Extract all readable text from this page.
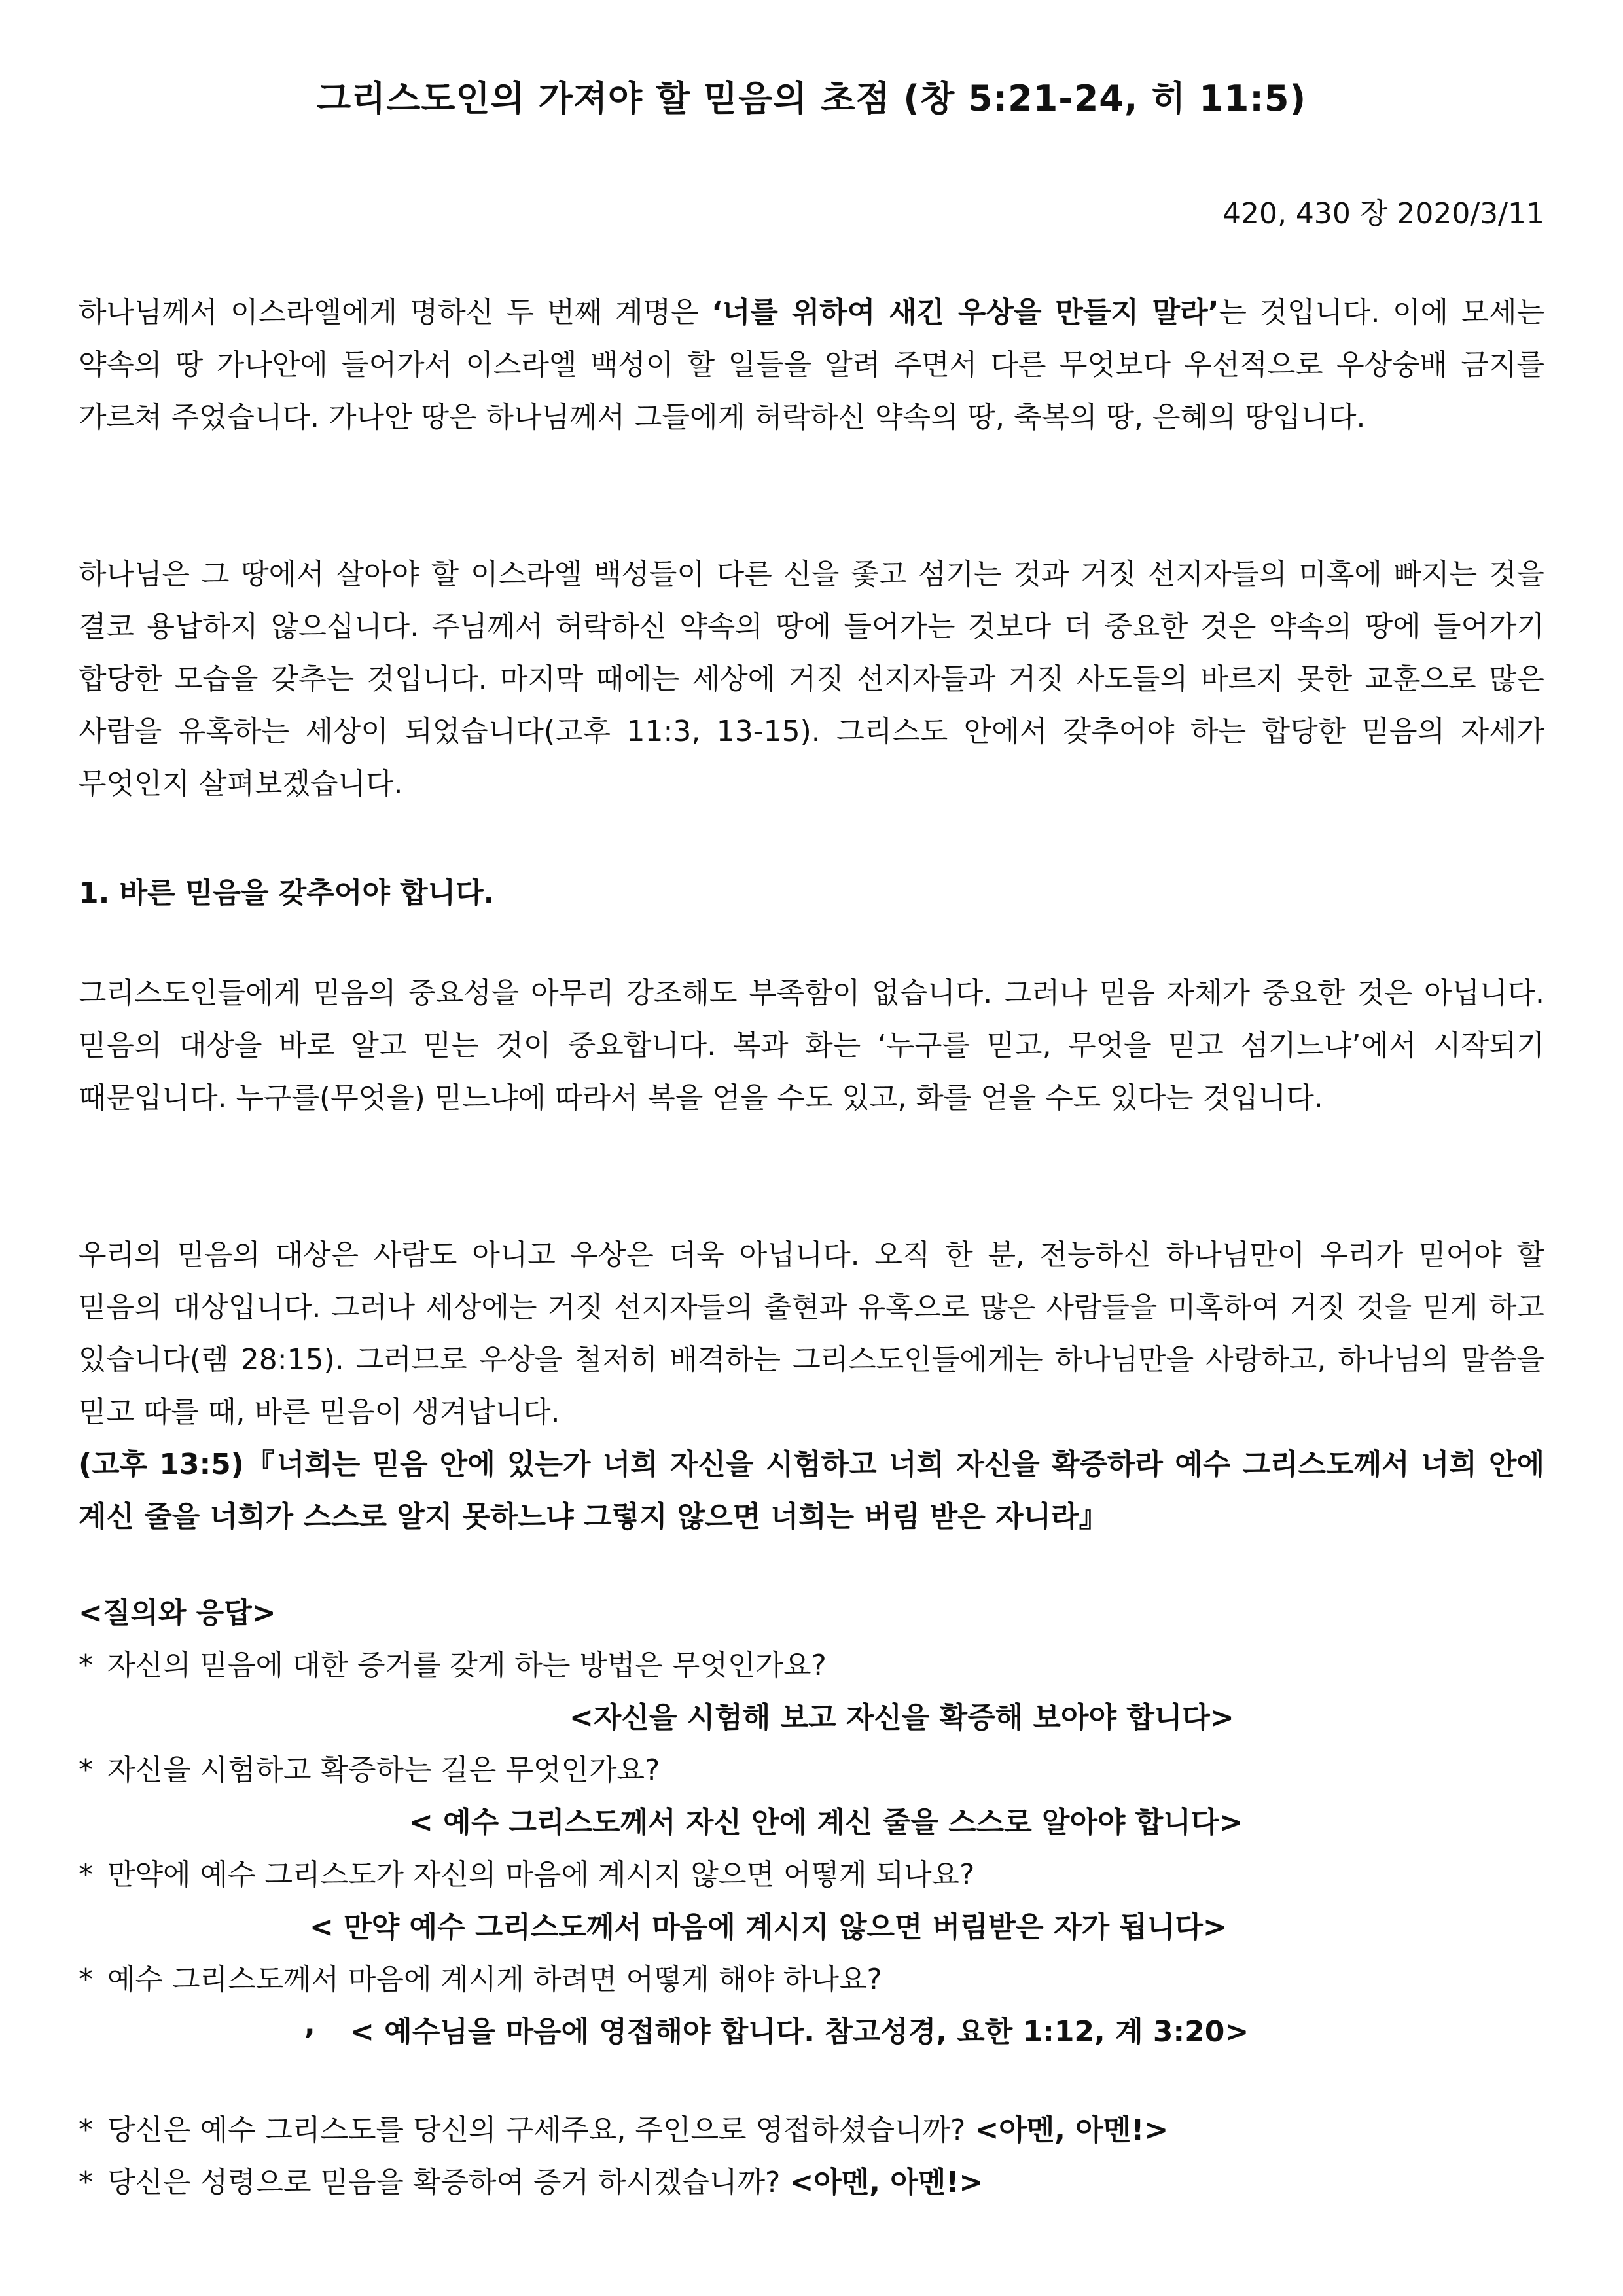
그리스도인의 가져야 할 믿음의 초점 (창 5:21-24, 히 11:5)
420, 430 장 2020/3/11
하나님께서 이스라엘에게 명하신 두 번째 계명은 ‘너를 위하여 새긴 우상을 만들지 말라’는 것입니다. 이에 모세는 약속의 땅 가나안에 들어가서 이스라엘 백성이 할 일들을 알려 주면서 다른 무엇보다 우선적으로 우상숭배 금지를 가르쳐 주었습니다. 가나안 땅은 하나님께서 그들에게 허락하신 약속의 땅, 축복의 땅, 은혜의 땅입니다.
하나님은 그 땅에서 살아야 할 이스라엘 백성들이 다른 신을 좇고 섬기는 것과 거짓 선지자들의 미혹에 빠지는 것을 결코 용납하지 않으십니다. 주님께서 허락하신 약속의 땅에 들어가는 것보다 더 중요한 것은 약속의 땅에 들어가기 합당한 모습을 갖추는 것입니다. 마지막 때에는 세상에 거짓 선지자들과 거짓 사도들의 바르지 못한 교훈으로 많은 사람을 유혹하는 세상이 되었습니다(고후 11:3, 13-15). 그리스도 안에서 갖추어야 하는 합당한 믿음의 자세가 무엇인지 살펴보겠습니다.
1. 바른 믿음을 갖추어야 합니다.
그리스도인들에게 믿음의 중요성을 아무리 강조해도 부족함이 없습니다. 그러나 믿음 자체가 중요한 것은 아닙니다. 믿음의 대상을 바로 알고 믿는 것이 중요합니다. 복과 화는 ‘누구를 믿고, 무엇을 믿고 섬기느냐’에서 시작되기 때문입니다. 누구를(무엇을) 믿느냐에 따라서 복을 얻을 수도 있고, 화를 얻을 수도 있다는 것입니다.
우리의 믿음의 대상은 사람도 아니고 우상은 더욱 아닙니다. 오직 한 분, 전능하신 하나님만이 우리가 믿어야 할 믿음의 대상입니다. 그러나 세상에는 거짓 선지자들의 출현과 유혹으로 많은 사람들을 미혹하여 거짓 것을 믿게 하고 있습니다(렘 28:15). 그러므로 우상을 철저히 배격하는 그리스도인들에게는 하나님만을 사랑하고, 하나님의 말씀을 믿고 따를 때, 바른 믿음이 생겨납니다.
(고후 13:5)『너희는 믿음 안에 있는가 너희 자신을 시험하고 너희 자신을 확증하라 예수 그리스도께서 너희 안에 계신 줄을 너희가 스스로 알지 못하느냐 그렇지 않으면 너희는 버림 받은 자니라』
<질의와 응답>
* 자신의 믿음에 대한 증거를 갖게 하는 방법은 무엇인가요?
<자신을 시험해 보고 자신을 확증해 보아야 합니다>
* 자신을 시험하고 확증하는 길은 무엇인가요?
< 예수 그리스도께서 자신 안에 계신 줄을 스스로 알아야 합니다>
* 만약에 예수 그리스도가 자신의 마음에 계시지 않으면 어떻게 되나요?
< 만약 예수 그리스도께서 마음에 계시지 않으면 버림받은 자가 됩니다>
* 예수 그리스도께서 마음에 계시게 하려면 어떻게 해야 하나요?
, < 예수님을 마음에 영접해야 합니다. 참고성경, 요한 1:12, 계 3:20>
* 당신은 예수 그리스도를 당신의 구세주요, 주인으로 영접하셨습니까? <아멘, 아멘!>
* 당신은 성령으로 믿음을 확증하여 증거 하시겠습니까? <아멘, 아멘!>
